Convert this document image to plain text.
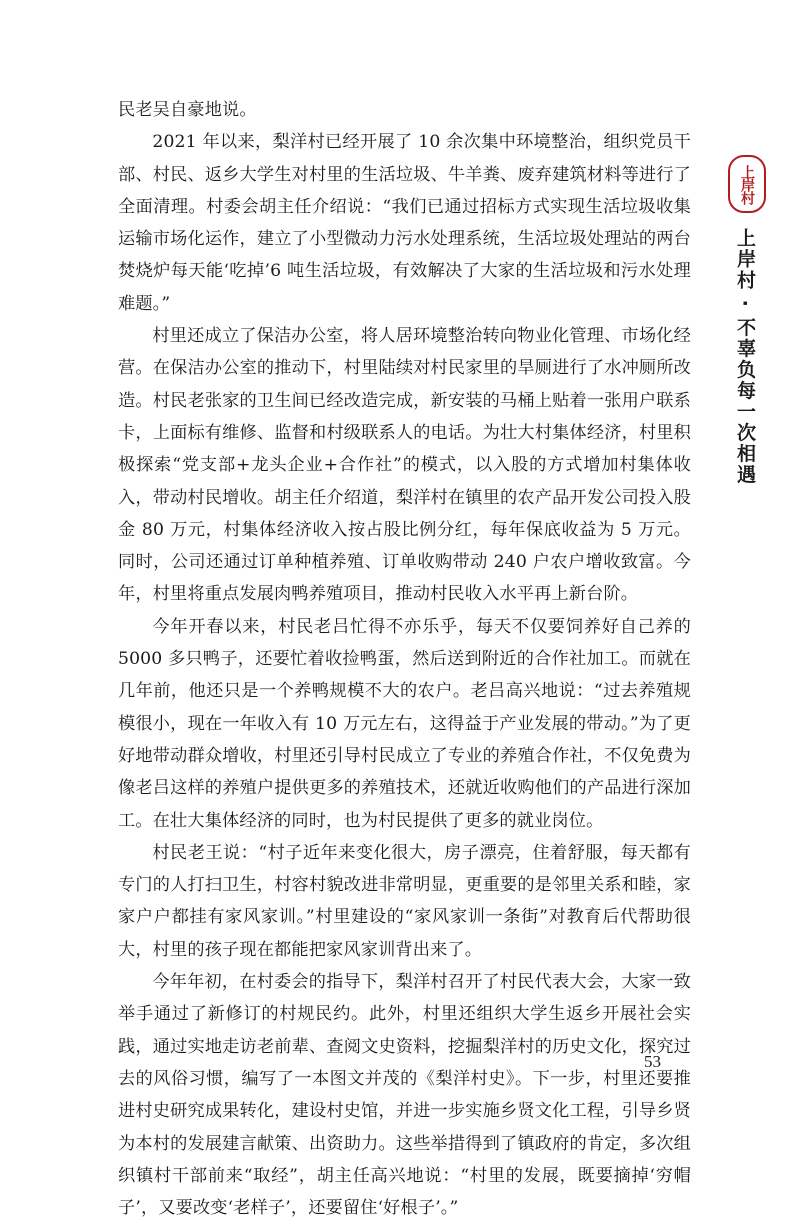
民老吴自豪地说。

2021 年以来，梨洋村已经开展了 10 余次集中环境整治，组织党员干部、村民、返乡大学生对村里的生活垃圾、牛羊粪、废弃建筑材料等进行了全面清理。村委会胡主任介绍说：“我们已通过招标方式实现生活垃圾收集运输市场化运作，建立了小型微动力污水处理系统，生活垃圾处理站的两台焚烧炉每天能‘吃掉’6 吨生活垃圾，有效解决了大家的生活垃圾和污水处理难题。”

村里还成立了保洁办公室，将人居环境整治转向物业化管理、市场化经营。在保洁办公室的推动下，村里陆续对村民家里的旱厕进行了水冲厕所改造。村民老张家的卫生间已经改造完成，新安装的马桶上贴着一张用户联系卡，上面标有维修、监督和村级联系人的电话。为壮大村集体经济，村里积极探索“党支部+龙头企业+合作社”的模式，以入股的方式增加村集体收入，带动村民增收。胡主任介绍道，梨洋村在镇里的农产品开发公司投入股金 80 万元，村集体经济收入按占股比例分红，每年保底收益为 5 万元。同时，公司还通过订单种植养殖、订单收购带动 240 户农户增收致富。今年，村里将重点发展肉鸭养殖项目，推动村民收入水平再上新台阶。

今年开春以来，村民老吕忙得不亦乐乎，每天不仅要饲养好自己养的 5000 多只鸭子，还要忙着收捡鸭蛋，然后送到附近的合作社加工。而就在几年前，他还只是一个养鸭规模不大的农户。老吕高兴地说：“过去养殖规模很小，现在一年收入有 10 万元左右，这得益于产业发展的带动。”为了更好地带动群众增收，村里还引导村民成立了专业的养殖合作社，不仅免费为像老吕这样的养殖户提供更多的养殖技术，还就近收购他们的产品进行深加工。在壮大集体经济的同时，也为村民提供了更多的就业岗位。

村民老王说：“村子近年来变化很大，房子漂亮，住着舒服，每天都有专门的人打扫卫生，村容村貌改进非常明显，更重要的是邻里关系和睦，家家户户都挂有家风家训。”村里建设的“家风家训一条街”对教育后代帮助很大，村里的孩子现在都能把家风家训背出来了。

今年年初，在村委会的指导下，梨洋村召开了村民代表大会，大家一致举手通过了新修订的村规民约。此外，村里还组织大学生返乡开展社会实践，通过实地走访老前辈、查阅文史资料，挖掘梨洋村的历史文化，探究过去的风俗习惯，编写了一本图文并茂的《梨洋村史》。下一步，村里还要推进村史研究成果转化，建设村史馆，并进一步实施乡贤文化工程，引导乡贤为本村的发展建言献策、出资助力。这些举措得到了镇政府的肯定，多次组织镇村干部前来“取经”，胡主任高兴地说：“村里的发展，既要摘掉‘穷帽子’，又要改变‘老样子’，还要留住‘好根子’。”

上岸村
上岸村 · 不辜负每一次相遇
53
